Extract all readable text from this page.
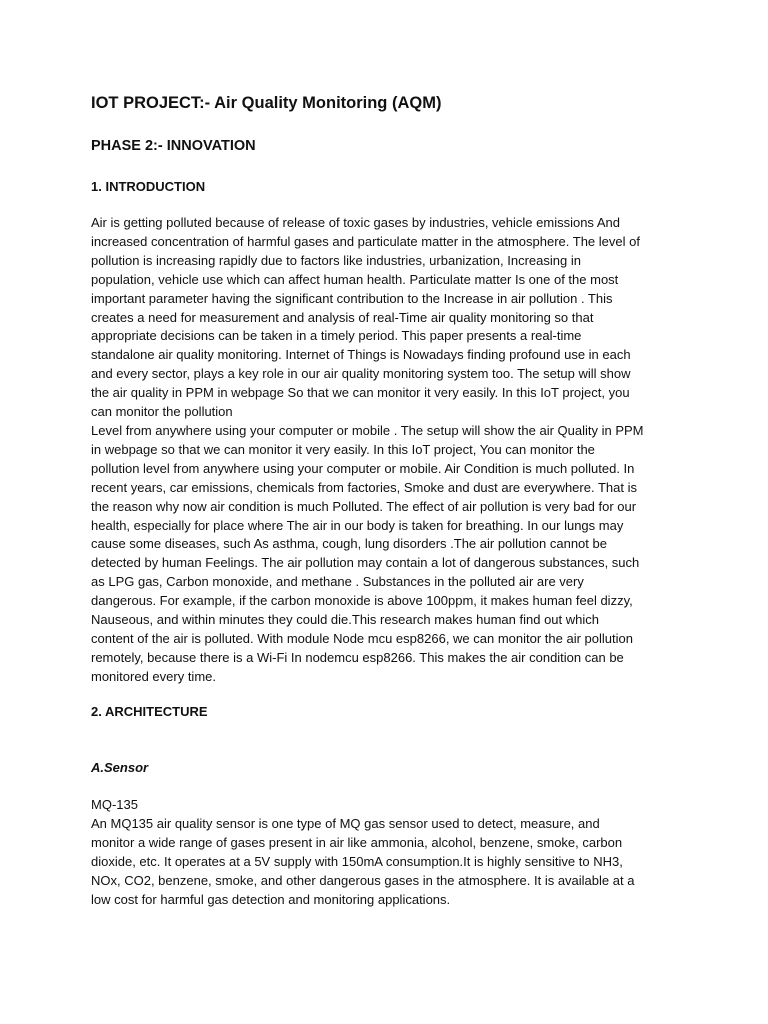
IOT PROJECT:- Air Quality Monitoring (AQM)
PHASE 2:- INNOVATION
1. INTRODUCTION
Air is getting polluted because of release of toxic gases by industries, vehicle emissions And
increased concentration of harmful gases and particulate matter in the atmosphere. The level of
pollution is increasing rapidly due to factors like industries, urbanization, Increasing in
population, vehicle use which can affect human health. Particulate matter Is one of the most
important parameter having the significant contribution to the Increase in air pollution . This
creates a need for measurement and analysis of real-Time air quality monitoring so that
appropriate decisions can be taken in a timely period. This paper presents a real-time
standalone air quality monitoring. Internet of Things is Nowadays finding profound use in each
and every sector, plays a key role in our air quality monitoring system too. The setup will show
the air quality in PPM in webpage So that we can monitor it very easily. In this IoT project, you
can monitor the pollution
Level from anywhere using your computer or mobile . The setup will show the air Quality in PPM
in webpage so that we can monitor it very easily. In this IoT project, You can monitor the
pollution level from anywhere using your computer or mobile. Air Condition is much polluted. In
recent years, car emissions, chemicals from factories, Smoke and dust are everywhere. That is
the reason why now air condition is much Polluted. The effect of air pollution is very bad for our
health, especially for place where The air in our body is taken for breathing. In our lungs may
cause some diseases, such As asthma, cough, lung disorders .The air pollution cannot be
detected by human Feelings. The air pollution may contain a lot of dangerous substances, such
as LPG gas, Carbon monoxide, and methane . Substances in the polluted air are very
dangerous. For example, if the carbon monoxide is above 100ppm, it makes human feel dizzy,
Nauseous, and within minutes they could die.This research makes human find out which
content of the air is polluted. With module Node mcu esp8266, we can monitor the air pollution
remotely, because there is a Wi-Fi In nodemcu esp8266. This makes the air condition can be
monitored every time.
2. ARCHITECTURE
A.Sensor
MQ-135
An MQ135 air quality sensor is one type of MQ gas sensor used to detect, measure, and
monitor a wide range of gases present in air like ammonia, alcohol, benzene, smoke, carbon
dioxide, etc. It operates at a 5V supply with 150mA consumption.It is highly sensitive to NH3,
NOx, CO2, benzene, smoke, and other dangerous gases in the atmosphere. It is available at a
low cost for harmful gas detection and monitoring applications.
